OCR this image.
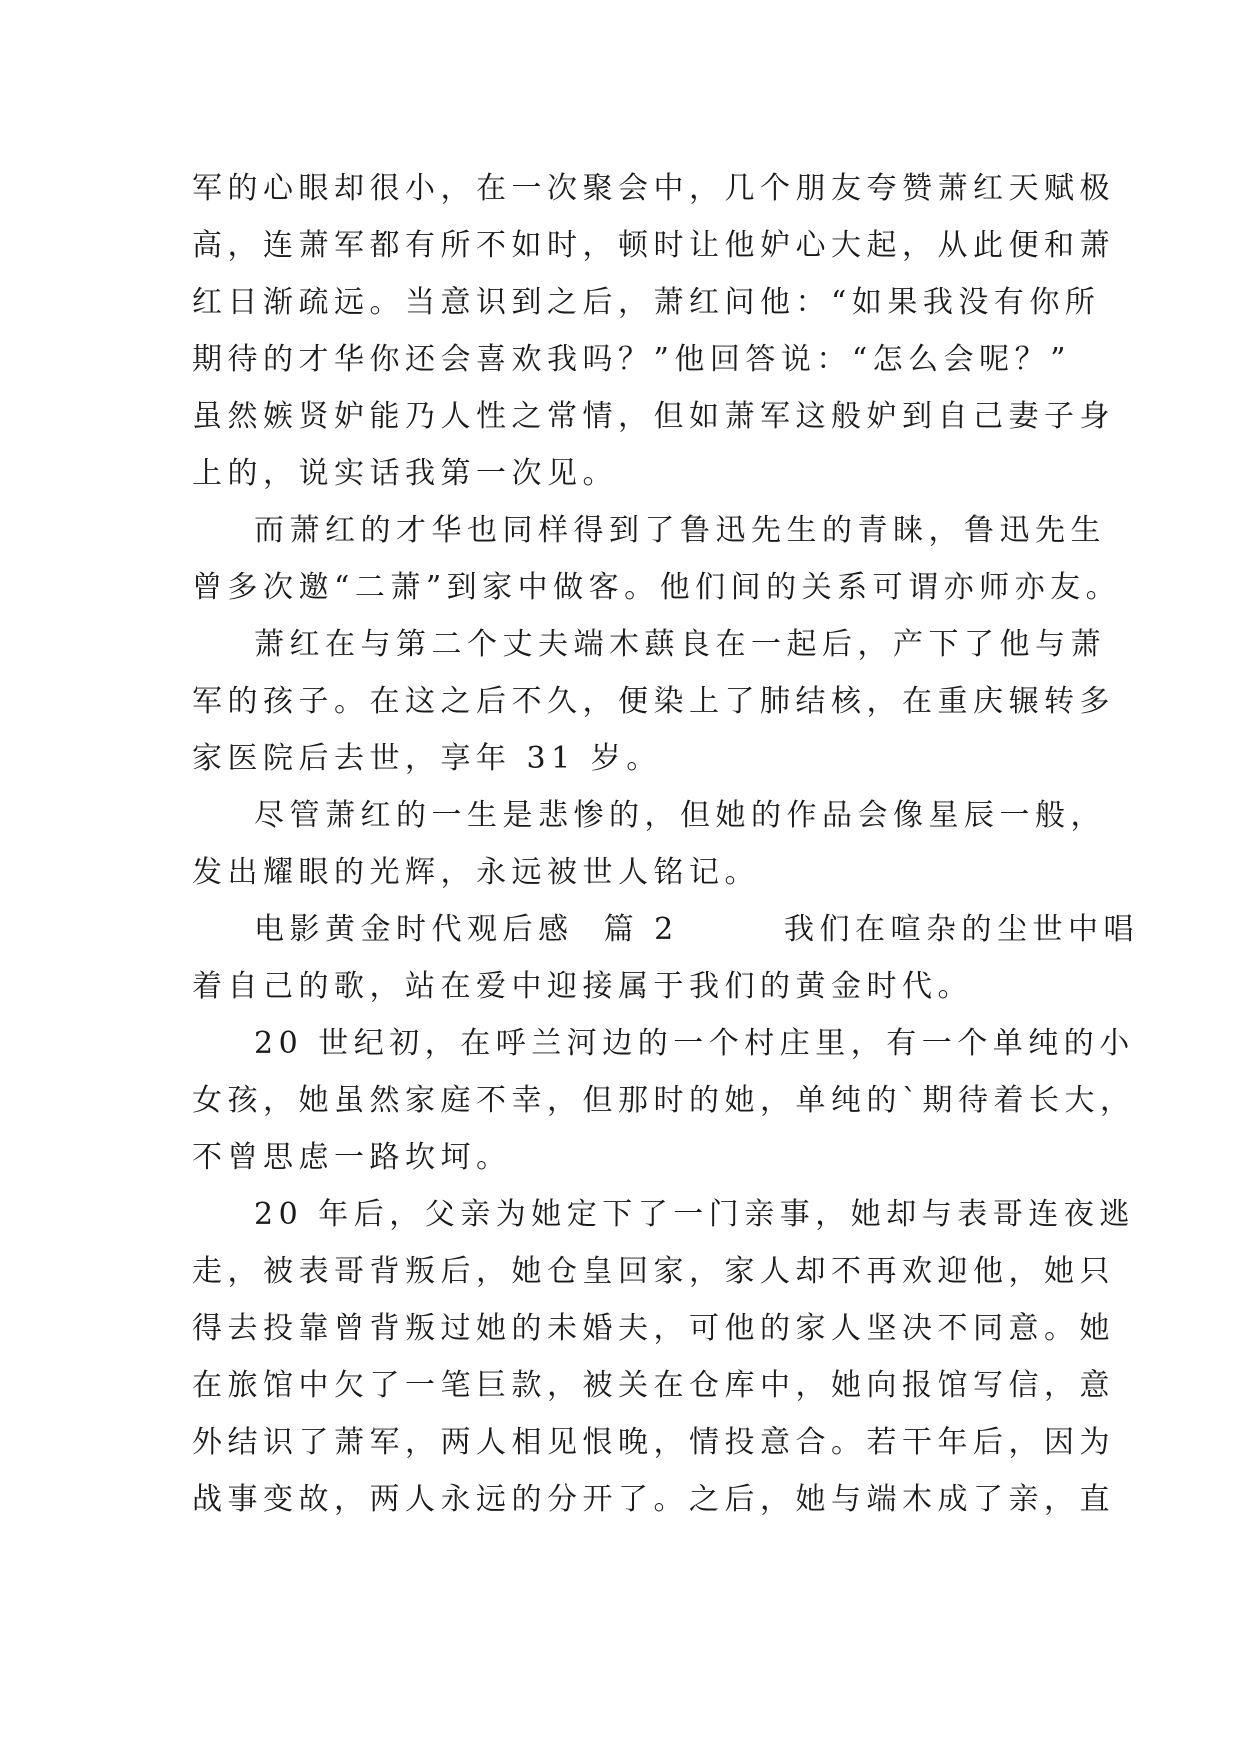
军的心眼却很小，在一次聚会中，几个朋友夸赞萧红天赋极
高，连萧军都有所不如时，顿时让他妒心大起，从此便和萧
红日渐疏远。当意识到之后，萧红问他：“如果我没有你所
期待的才华你还会喜欢我吗？”他回答说：“怎么会呢？”
虽然嫉贤妒能乃人性之常情，但如萧军这般妒到自己妻子身
上的，说实话我第一次见。
而萧红的才华也同样得到了鲁迅先生的青睐，鲁迅先生
曾多次邀“二萧”到家中做客。他们间的关系可谓亦师亦友。
萧红在与第二个丈夫端木蕻良在一起后，产下了他与萧
军的孩子。在这之后不久，便染上了肺结核，在重庆辗转多
家医院后去世，享年 31 岁。
尽管萧红的一生是悲惨的，但她的作品会像星辰一般，
发出耀眼的光辉，永远被世人铭记。
电影黄金时代观后感  篇 2       我们在喧杂的尘世中唱
着自己的歌，站在爱中迎接属于我们的黄金时代。
20 世纪初，在呼兰河边的一个村庄里，有一个单纯的小
女孩，她虽然家庭不幸，但那时的她，单纯的`期待着长大，
不曾思虑一路坎坷。
20 年后，父亲为她定下了一门亲事，她却与表哥连夜逃
走，被表哥背叛后，她仓皇回家，家人却不再欢迎他，她只
得去投靠曾背叛过她的未婚夫，可他的家人坚决不同意。她
在旅馆中欠了一笔巨款，被关在仓库中，她向报馆写信，意
外结识了萧军，两人相见恨晚，情投意合。若干年后，因为
战事变故，两人永远的分开了。之后，她与端木成了亲，直
